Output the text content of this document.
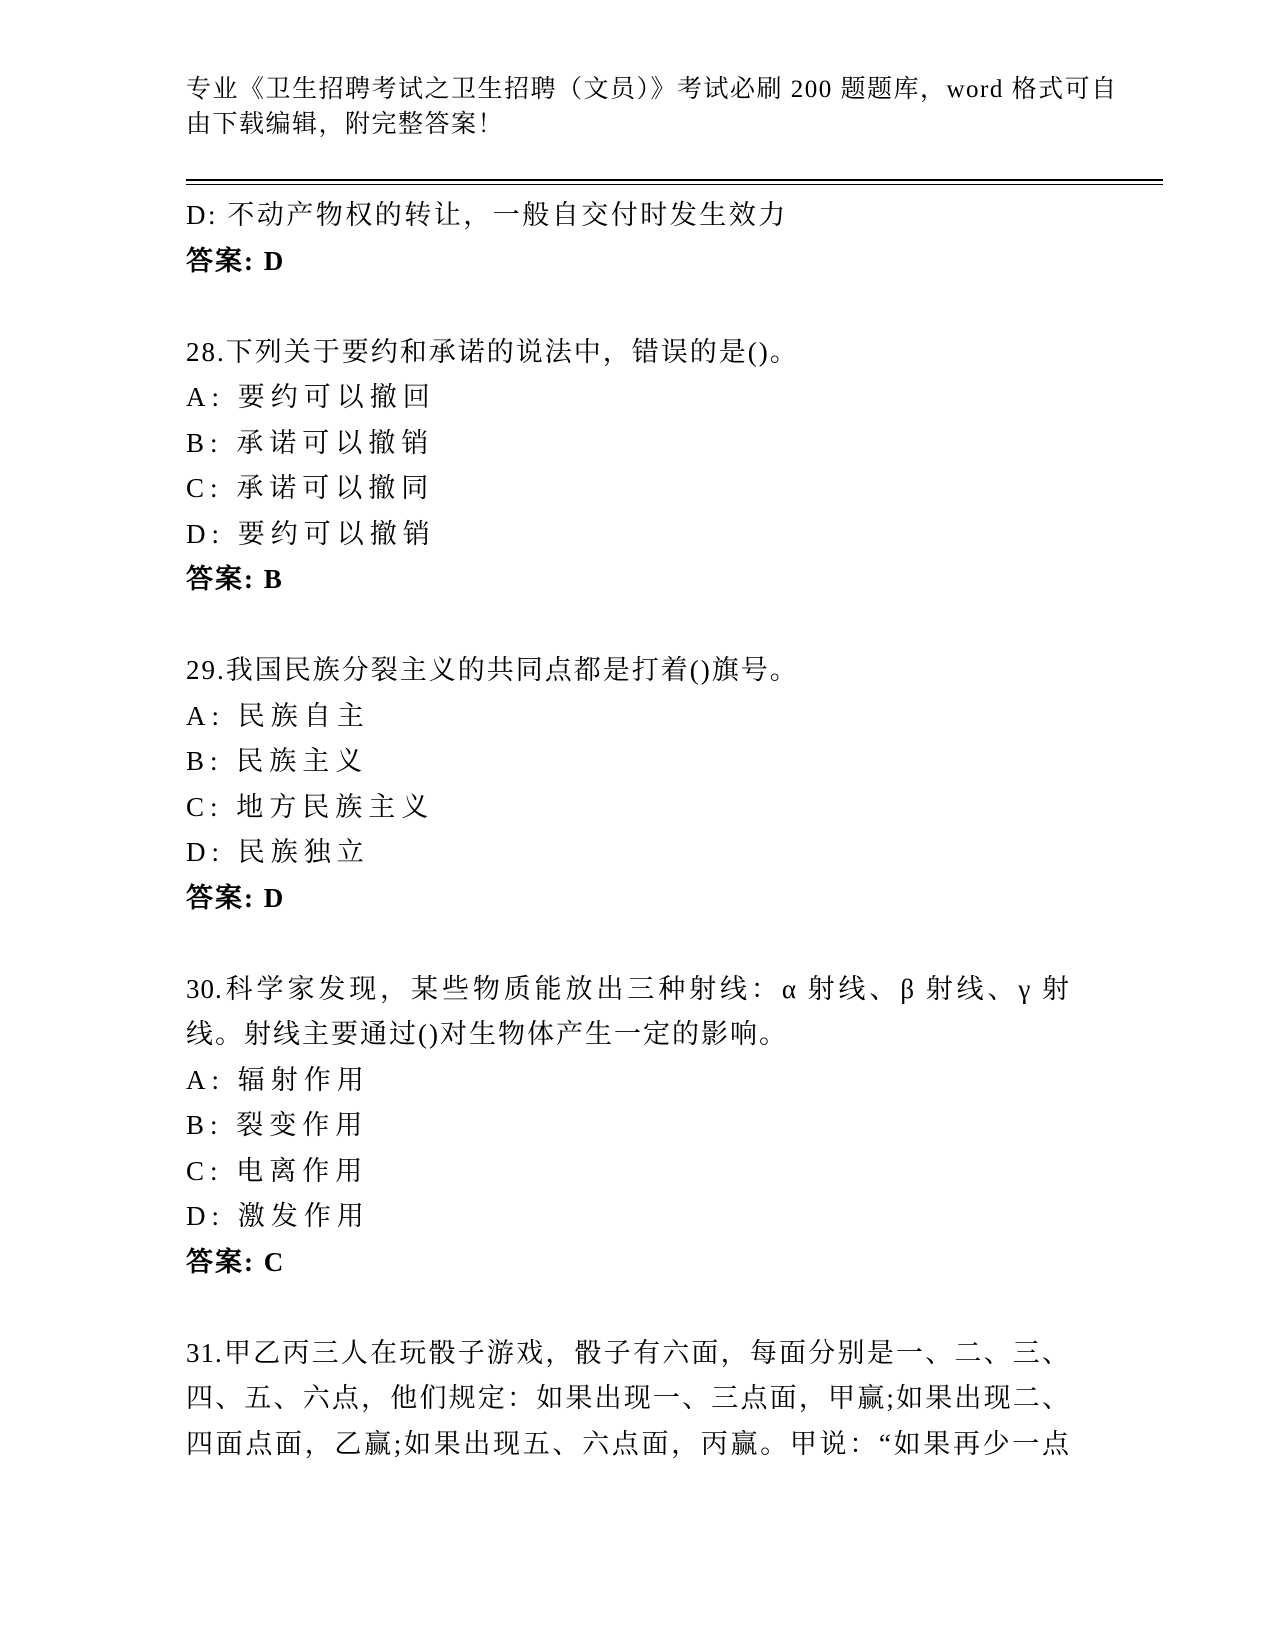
专业《卫生招聘考试之卫生招聘（文员）》考试必刷 200 题题库，word 格式可自
由下载编辑，附完整答案！
D: 不动产物权的转让，一般自交付时发生效力
答案: D
28.下列关于要约和承诺的说法中，错误的是()。
A: 要约可以撤回
B: 承诺可以撤销
C: 承诺可以撤同
D: 要约可以撤销
答案: B
29.我国民族分裂主义的共同点都是打着()旗号。
A: 民族自主
B: 民族主义
C: 地方民族主义
D: 民族独立
答案: D
30.科学家发现，某些物质能放出三种射线：α 射线、β 射线、γ 射
线。射线主要通过()对生物体产生一定的影响。
A: 辐射作用
B: 裂变作用
C: 电离作用
D: 激发作用
答案: C
31.甲乙丙三人在玩骰子游戏，骰子有六面，每面分别是一、二、三、
四、五、六点，他们规定：如果出现一、三点面，甲赢;如果出现二、
四面点面，乙赢;如果出现五、六点面，丙赢。甲说：“如果再少一点
